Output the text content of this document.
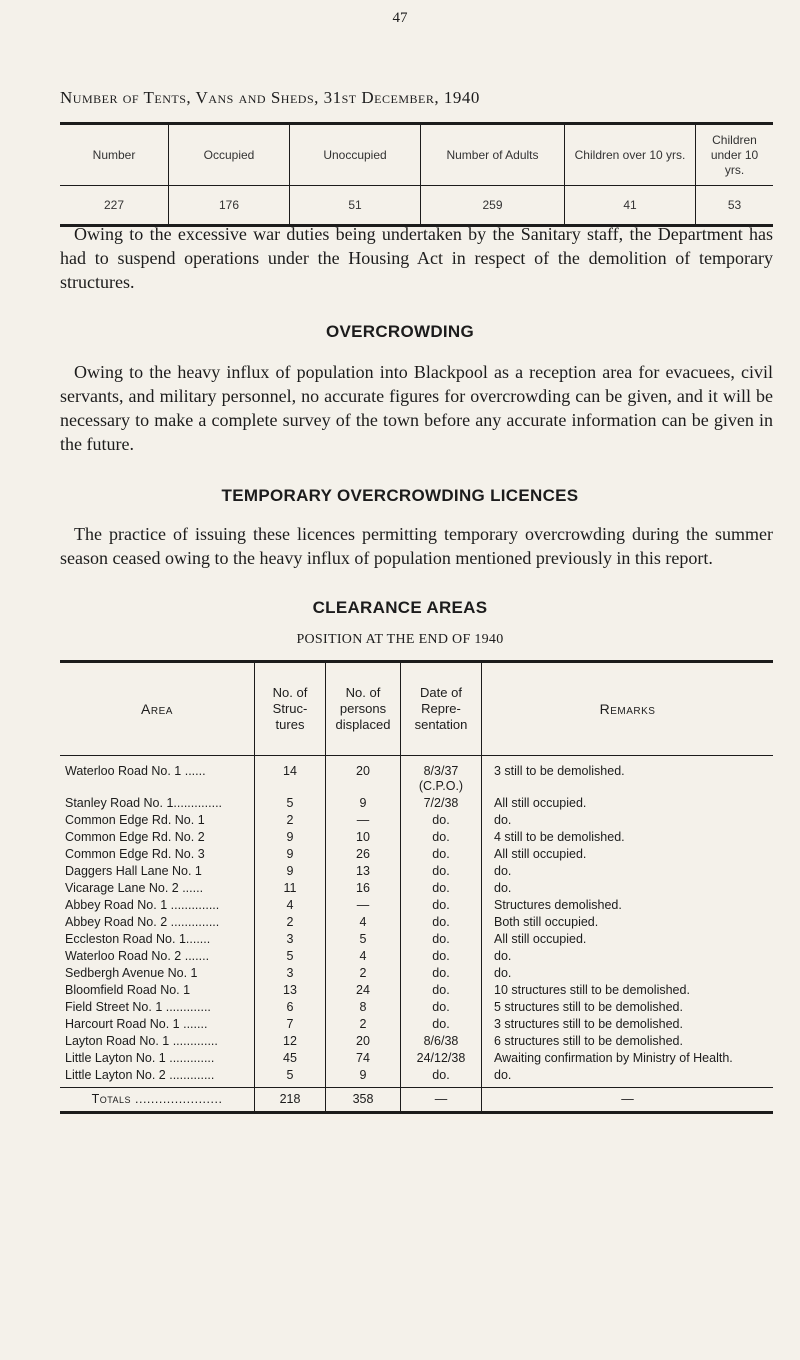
47
Number of Tents, Vans and Sheds, 31st December, 1940
Number	Occupied	Unoccupied	Number of Adults	Children over 10 yrs.	Children under 10 yrs.
227	176	51	259	41	53

Owing to the excessive war duties being undertaken by the Sanitary staff, the Department has had to suspend operations under the Housing Act in respect of the demolition of temporary structures.

OVERCROWDING

Owing to the heavy influx of population into Blackpool as a reception area for evacuees, civil servants, and military personnel, no accurate figures for overcrowding can be given, and it will be necessary to make a complete survey of the town before any accurate information can be given in the future.

TEMPORARY OVERCROWDING LICENCES

The practice of issuing these licences permitting temporary overcrowding during the summer season ceased owing to the heavy influx of population mentioned previously in this report.

CLEARANCE AREAS
POSITION AT THE END OF 1940
Area	No. of Struc- tures	No. of persons displaced	Date of Repre- sentation	Remarks
Waterloo Road No. 1 ......	14	20	8/3/37 (C.P.O.)	3 still to be demolished.
Stanley Road No. 1..............	5	9	7/2/38	All still occupied.
Common Edge Rd. No. 1	2	—	do.	do.
Common Edge Rd. No. 2	9	10	do.	4 still to be demolished.
Common Edge Rd. No. 3	9	26	do.	All still occupied.
Daggers Hall Lane No. 1	9	13	do.	do.
Vicarage Lane No. 2 ......	11	16	do.	do.
Abbey Road No. 1 ..............	4	—	do.	Structures demolished.
Abbey Road No. 2 ..............	2	4	do.	Both still occupied.
Eccleston Road No. 1.......	3	5	do.	All still occupied.
Waterloo Road No. 2 .......	5	4	do.	do.
Sedbergh Avenue No. 1	3	2	do.	do.
Bloomfield Road No. 1	13	24	do.	10 structures still to be demolished.
Field Street No. 1 .............	6	8	do.	5 structures still to be demolished.
Harcourt Road No. 1 .......	7	2	do.	3 structures still to be demolished.
Layton Road No. 1 .............	12	20	8/6/38	6 structures still to be demolished.
Little Layton No. 1 .............	45	74	24/12/38	Awaiting confirmation by Ministry of Health.
Little Layton No. 2 .............	5	9	do.	do.
Totals ......................	218	358	—	—
